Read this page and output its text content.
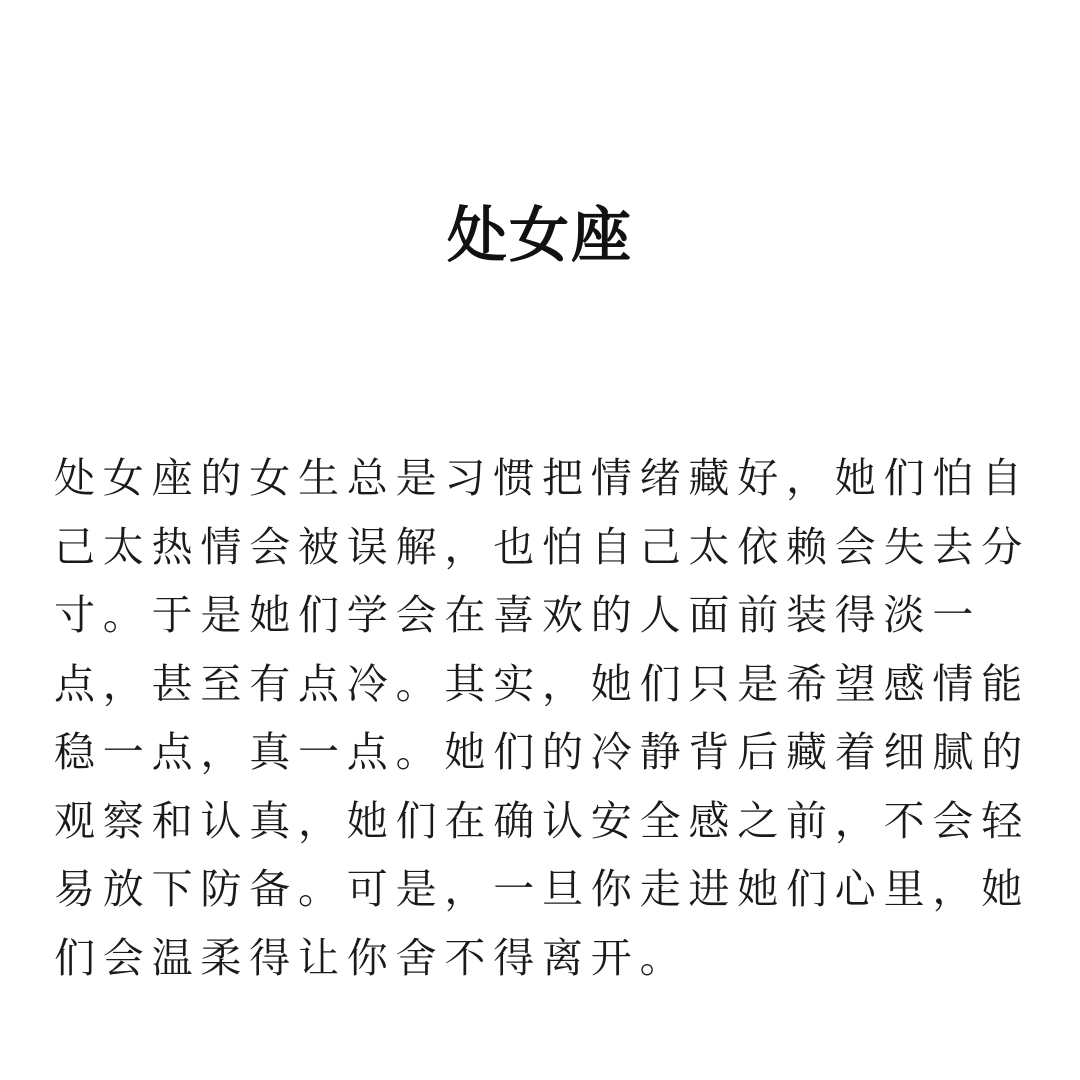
处女座
处女座的女生总是习惯把情绪藏好，她们怕自
己太热情会被误解，也怕自己太依赖会失去分
寸。于是她们学会在喜欢的人面前装得淡一
点，甚至有点冷。其实，她们只是希望感情能
稳一点，真一点。她们的冷静背后藏着细腻的
观察和认真，她们在确认安全感之前，不会轻
易放下防备。可是，一旦你走进她们心里，她
们会温柔得让你舍不得离开。
